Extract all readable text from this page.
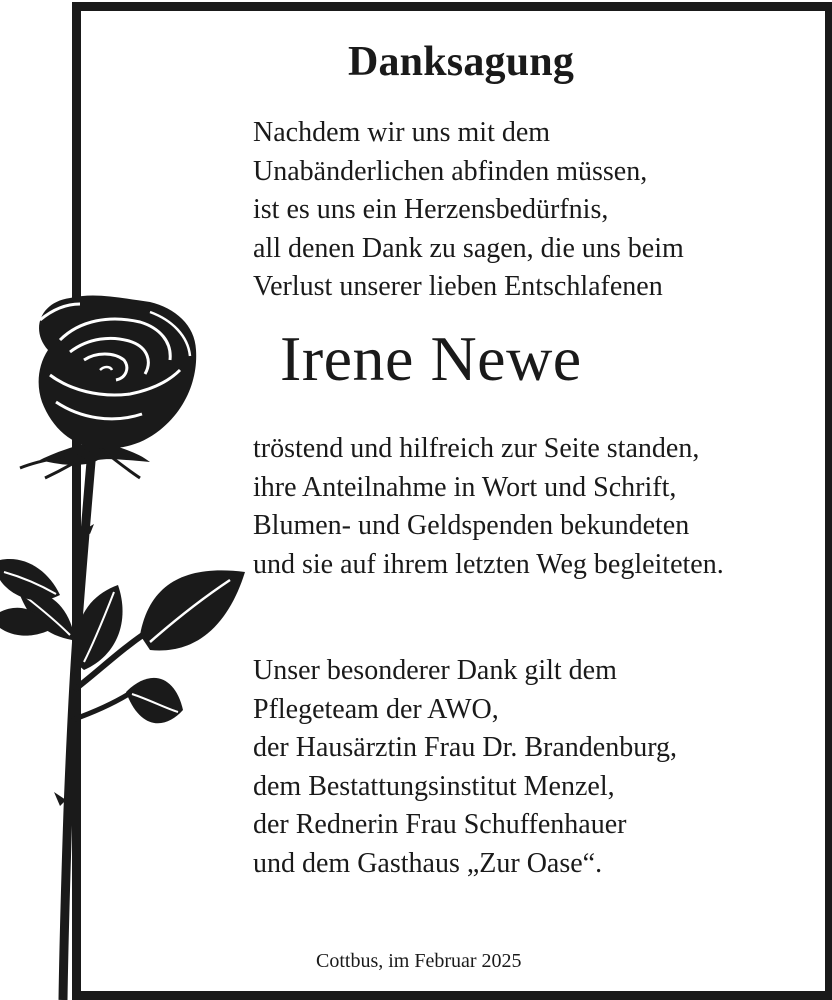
Danksagung
Nachdem wir uns mit dem
Unabänderlichen abfinden müssen,
ist es uns ein Herzensbedürfnis,
all denen Dank zu sagen, die uns beim
Verlust unserer lieben Entschlafenen
Irene Newe
tröstend und hilfreich zur Seite standen,
ihre Anteilnahme in Wort und Schrift,
Blumen- und Geldspenden bekundeten
und sie auf ihrem letzten Weg begleiteten.
Unser besonderer Dank gilt dem
Pflegeteam der AWO,
der Hausärztin Frau Dr. Brandenburg,
dem Bestattungsinstitut Menzel,
der Rednerin Frau Schuffenhauer
und dem Gasthaus „Zur Oase“.

Cottbus, im Februar 2025
